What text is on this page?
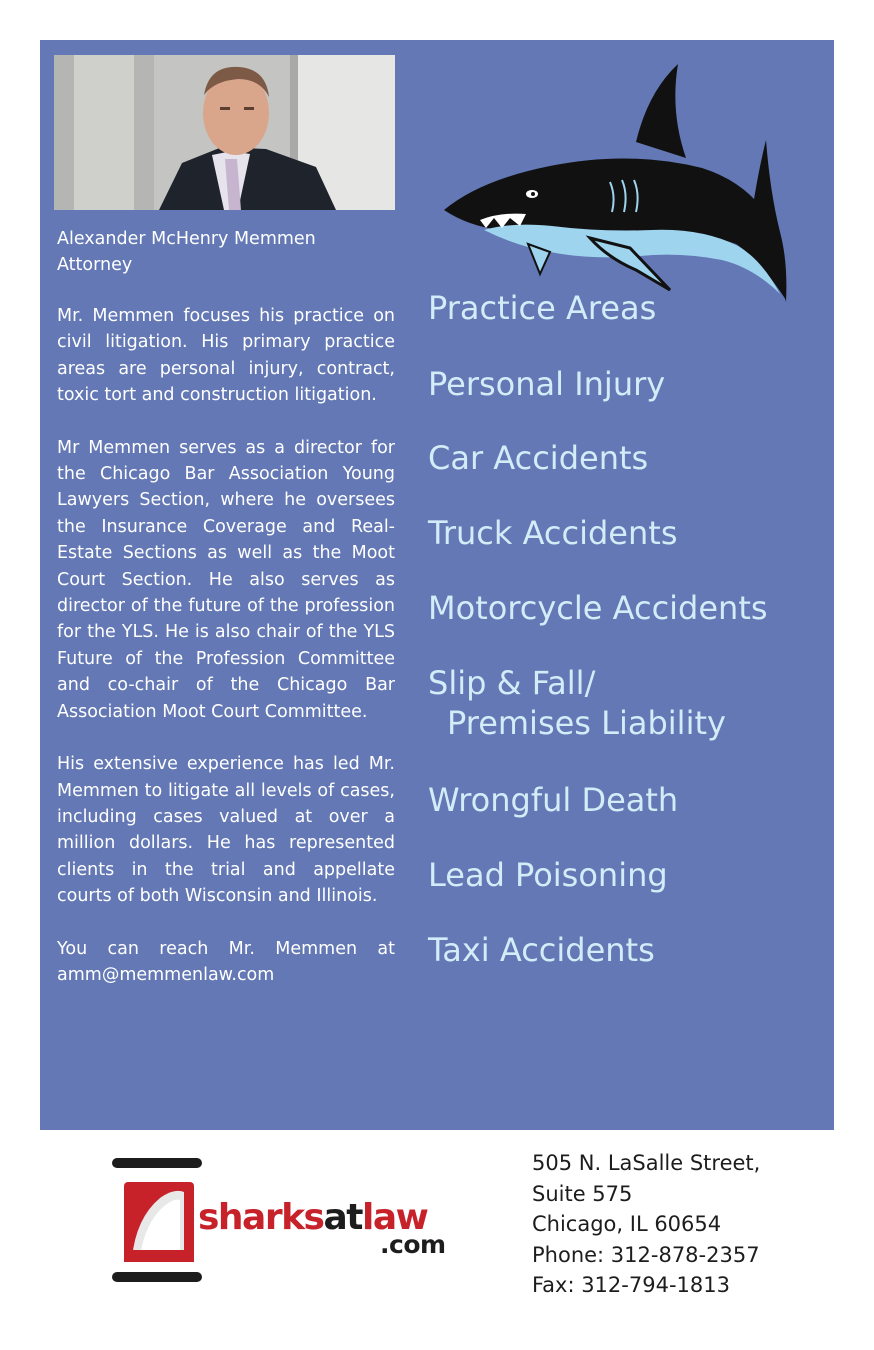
Alexander McHenry Memmen
Attorney

Mr. Memmen focuses his practice on civil litigation. His primary practice areas are personal injury, contract, toxic tort and construction litigation.

Mr Memmen serves as a director for the Chicago Bar Association Young Lawyers Section, where he oversees the Insurance Coverage and Real-Estate Sections as well as the Moot Court Section. He also serves as director of the future of the profession for the YLS. He is also chair of the YLS Future of the Profession Committee and co-chair of the Chicago Bar Association Moot Court Committee.

His extensive experience has led Mr. Memmen to litigate all levels of cases, including cases valued at over a million dollars. He has represented clients in the trial and appellate courts of both Wisconsin and Illinois.

You can reach Mr. Memmen at amm@memmenlaw.com

Practice Areas
Personal Injury
Car Accidents
Truck Accidents
Motorcycle Accidents
Slip & Fall/
Premises Liability
Wrongful Death
Lead Poisoning
Taxi Accidents
sharksatlaw
.com
505 N. LaSalle Street,
Suite 575
Chicago, IL 60654
Phone: 312-878-2357
Fax: 312-794-1813
